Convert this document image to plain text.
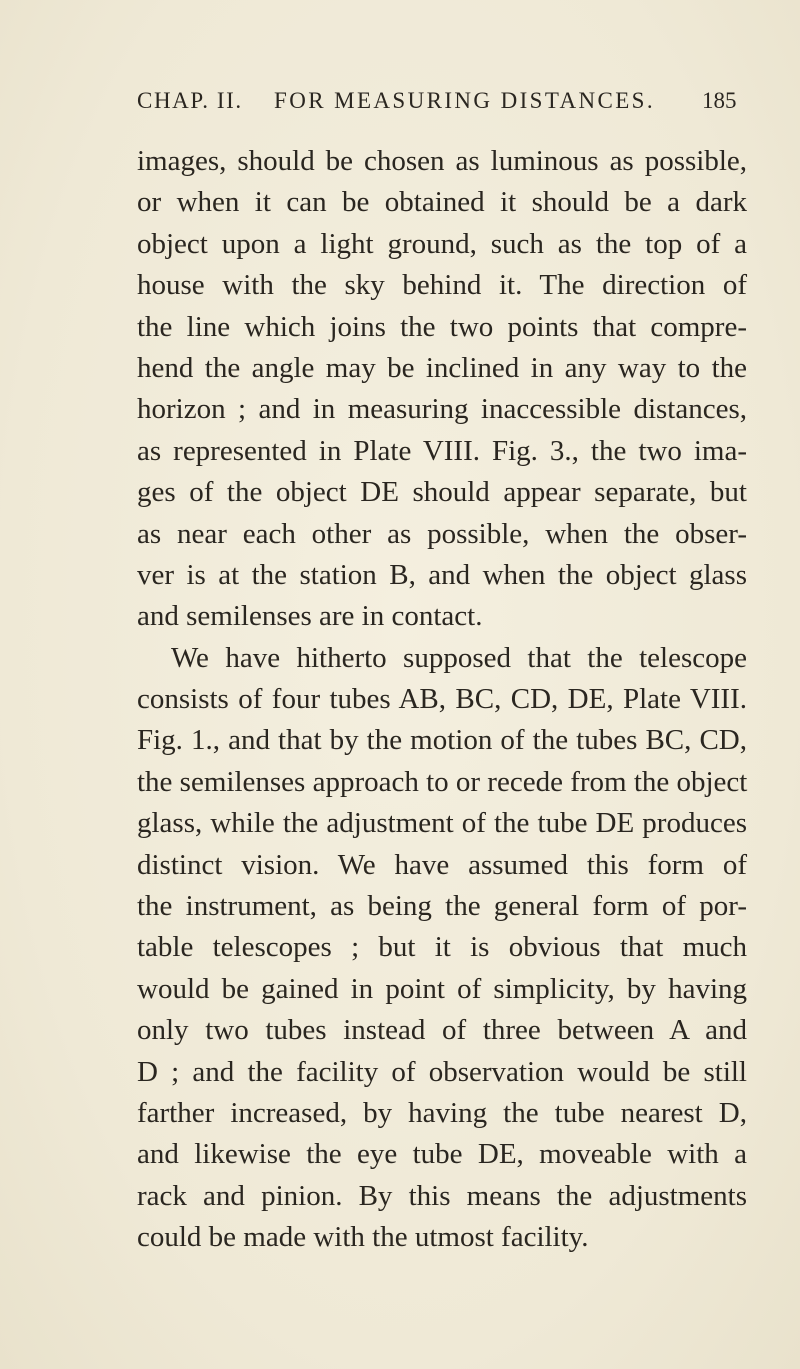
CHAP. II. FOR MEASURING DISTANCES. 185
images, should be chosen as luminous as possible,
or when it can be obtained it should be a dark
object upon a light ground, such as the top of a
house with the sky behind it. The direction of
the line which joins the two points that compre-
hend the angle may be inclined in any way to the
horizon ; and in measuring inaccessible distances,
as represented in Plate VIII. Fig. 3., the two ima-
ges of the object DE should appear separate, but
as near each other as possible, when the obser-
ver is at the station B, and when the object glass
and semilenses are in contact.
We have hitherto supposed that the telescope
consists of four tubes AB, BC, CD, DE, Plate VIII.
Fig. 1., and that by the motion of the tubes BC, CD,
the semilenses approach to or recede from the object
glass, while the adjustment of the tube DE produces
distinct vision. We have assumed this form of
the instrument, as being the general form of por-
table telescopes ; but it is obvious that much
would be gained in point of simplicity, by having
only two tubes instead of three between A and
D ; and the facility of observation would be still
farther increased, by having the tube nearest D,
and likewise the eye tube DE, moveable with a
rack and pinion. By this means the adjustments
could be made with the utmost facility.
